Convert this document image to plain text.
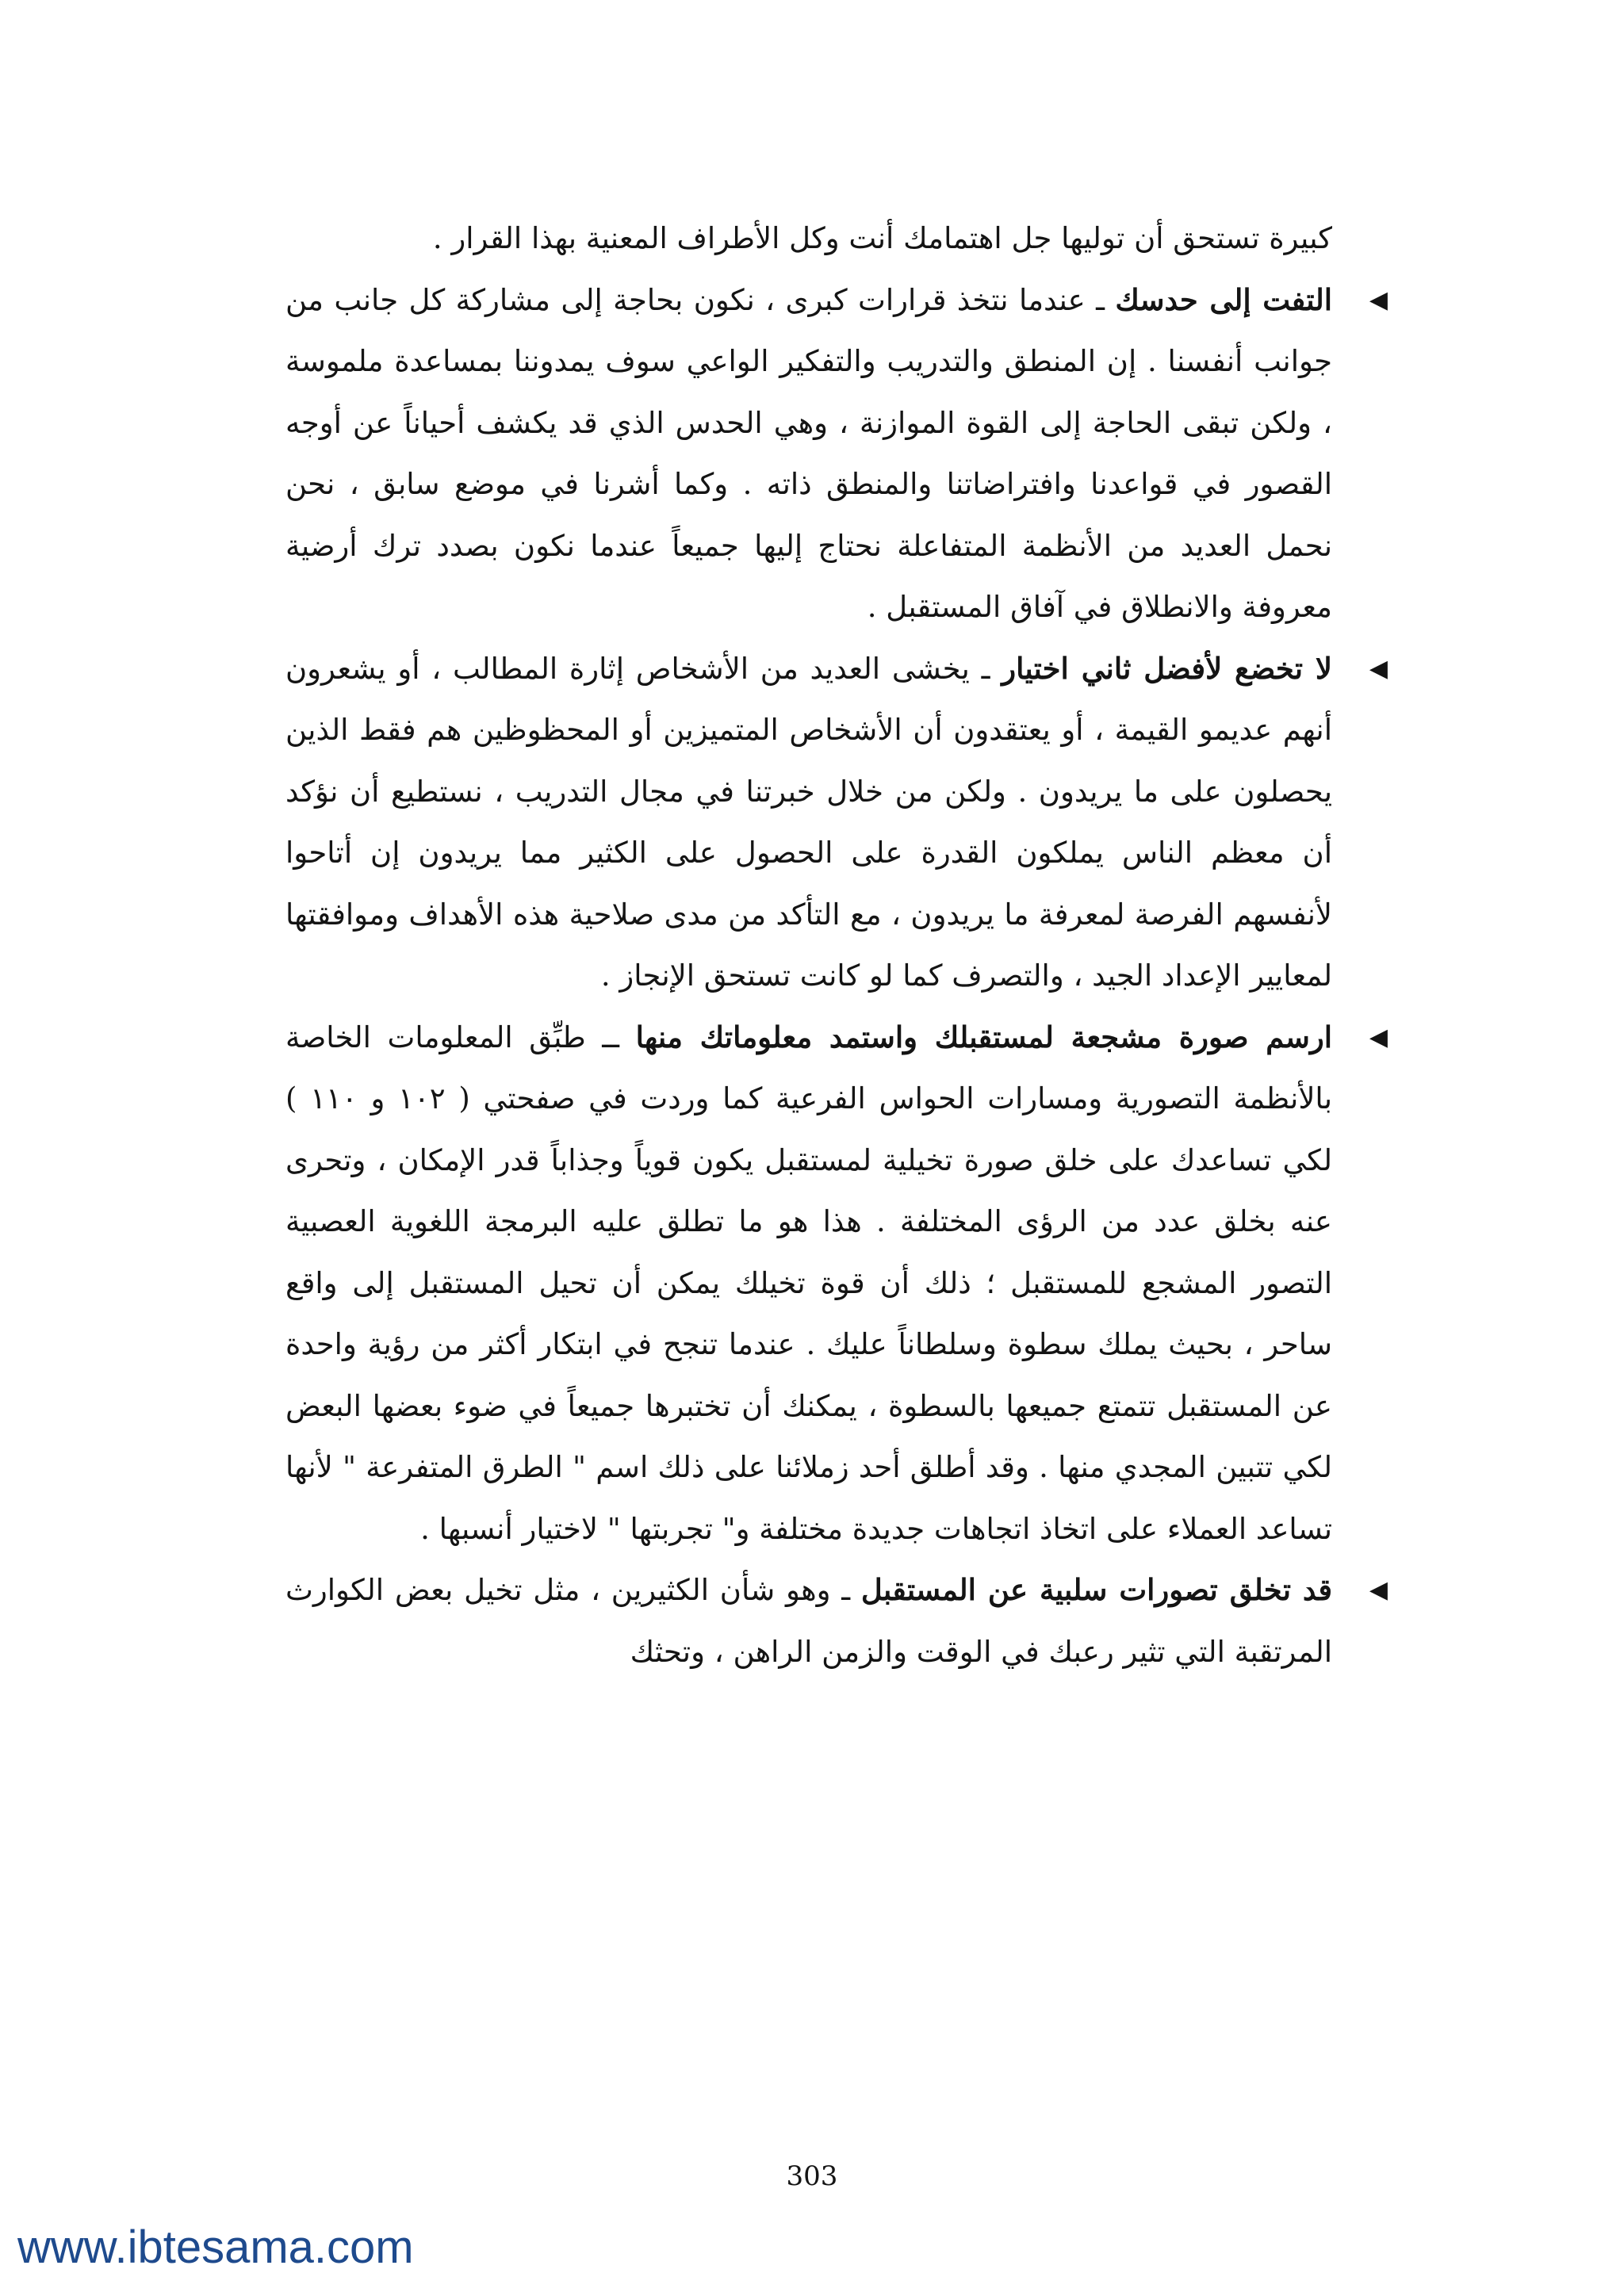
كبيرة تستحق أن توليها جل اهتمامك أنت وكل الأطراف المعنية بهذا القرار .

◀
التفت إلى حدسك ـ عندما نتخذ قرارات كبرى ، نكون بحاجة إلى مشاركة كل جانب من جوانب أنفسنا . إن المنطق والتدريب والتفكير الواعي سوف يمدوننا بمساعدة ملموسة ، ولكن تبقى الحاجة إلى القوة الموازنة ، وهي الحدس الذي قد يكشف أحياناً عن أوجه القصور في قواعدنا وافتراضاتنا والمنطق ذاته . وكما أشرنا في موضع سابق ، نحن نحمل العديد من الأنظمة المتفاعلة نحتاج إليها جميعاً عندما نكون بصدد ترك أرضية معروفة والانطلاق في آفاق المستقبل .
◀
لا تخضع لأفضل ثاني اختيار ـ يخشى العديد من الأشخاص إثارة المطالب ، أو يشعرون أنهم عديمو القيمة ، أو يعتقدون أن الأشخاص المتميزين أو المحظوظين هم فقط الذين يحصلون على ما يريدون . ولكن من خلال خبرتنا في مجال التدريب ، نستطيع أن نؤكد أن معظم الناس يملكون القدرة على الحصول على الكثير مما يريدون إن أتاحوا لأنفسهم الفرصة لمعرفة ما يريدون ، مع التأكد من مدى صلاحية هذه الأهداف وموافقتها لمعايير الإعداد الجيد ، والتصرف كما لو كانت تستحق الإنجاز .
◀
ارسم صورة مشجعة لمستقبلك واستمد معلوماتك منها ــ طبِّق المعلومات الخاصة بالأنظمة التصورية ومسارات الحواس الفرعية كما وردت في صفحتي ( ١٠٢ و ١١٠ ) لكي تساعدك على خلق صورة تخيلية لمستقبل يكون قوياً وجذاباً قدر الإمكان ، وتحرى عنه بخلق عدد من الرؤى المختلفة . هذا هو ما تطلق عليه البرمجة اللغوية العصبية التصور المشجع للمستقبل ؛ ذلك أن قوة تخيلك يمكن أن تحيل المستقبل إلى واقع ساحر ، بحيث يملك سطوة وسلطاناً عليك . عندما تنجح في ابتكار أكثر من رؤية واحدة عن المستقبل تتمتع جميعها بالسطوة ، يمكنك أن تختبرها جميعاً في ضوء بعضها البعض لكي تتبين المجدي منها . وقد أطلق أحد زملائنا على ذلك اسم " الطرق المتفرعة " لأنها تساعد العملاء على اتخاذ اتجاهات جديدة مختلفة و" تجربتها " لاختيار أنسبها .
◀
قد تخلق تصورات سلبية عن المستقبل ـ وهو شأن الكثيرين ، مثل تخيل بعض الكوارث المرتقبة التي تثير رعبك في الوقت والزمن الراهن ، وتحثك
303
www.ibtesama.com
